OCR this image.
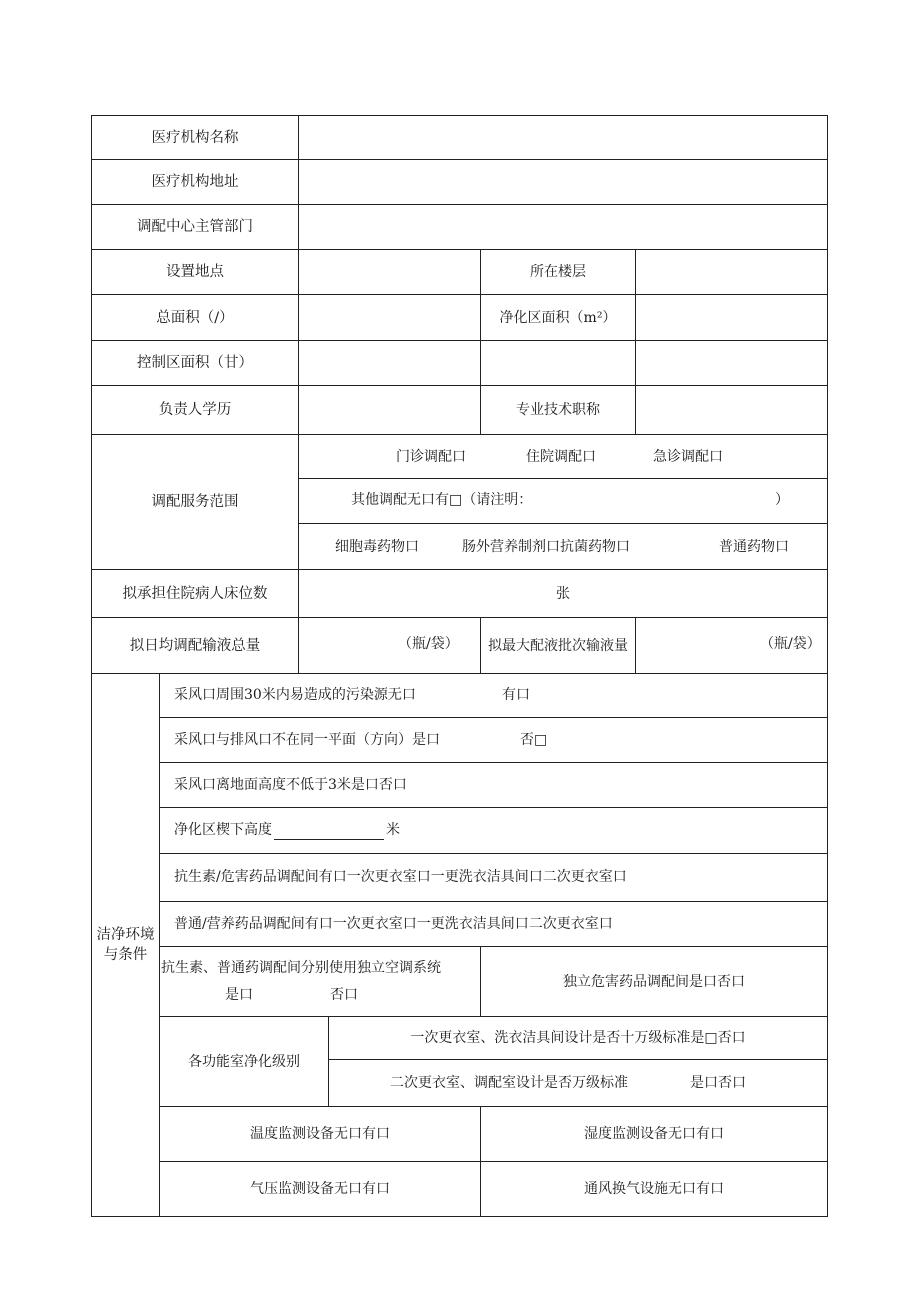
医疗机构名称
医疗机构地址
调配中心主管部门
设置地点	所在楼层
总面积（/）	净化区面积（m²）
控制区面积（甘）
负责人学历	专业技术职称
调配服务范围
门诊调配口	住院调配口	急诊调配口
其他调配无口有□（请注明：	）
细胞毒药物口	肠外营养制剂口抗菌药物口	普通药物口
拟承担住院病人床位数	张
拟日均调配输液总量	（瓶/袋） 拟最大配液批次输液量	（瓶/袋）
洁净环境与条件
采风口周围30米内易造成的污染源无口	有口
采风口与排风口不在同一平面（方向）是口	否□
采风口离地面高度不低于3米是口否口
净化区楔下高度	米
抗生素/危害药品调配间有口一次更衣室口一更洗衣洁具间口二次更衣室口
普通/营养药品调配间有口一次更衣室口一更洗衣洁具间口二次更衣室口
抗生素、普通药调配间分别使用独立空调系统
是口	否口
独立危害药品调配间是口否口
各功能室净化级别
一次更衣室、洗衣洁具间设计是否十万级标准是□否口
二次更衣室、调配室设计是否万级标准	是口否口
温度监测设备无口有口	湿度监测设备无口有口
气压监测设备无口有口	通风换气设施无口有口
